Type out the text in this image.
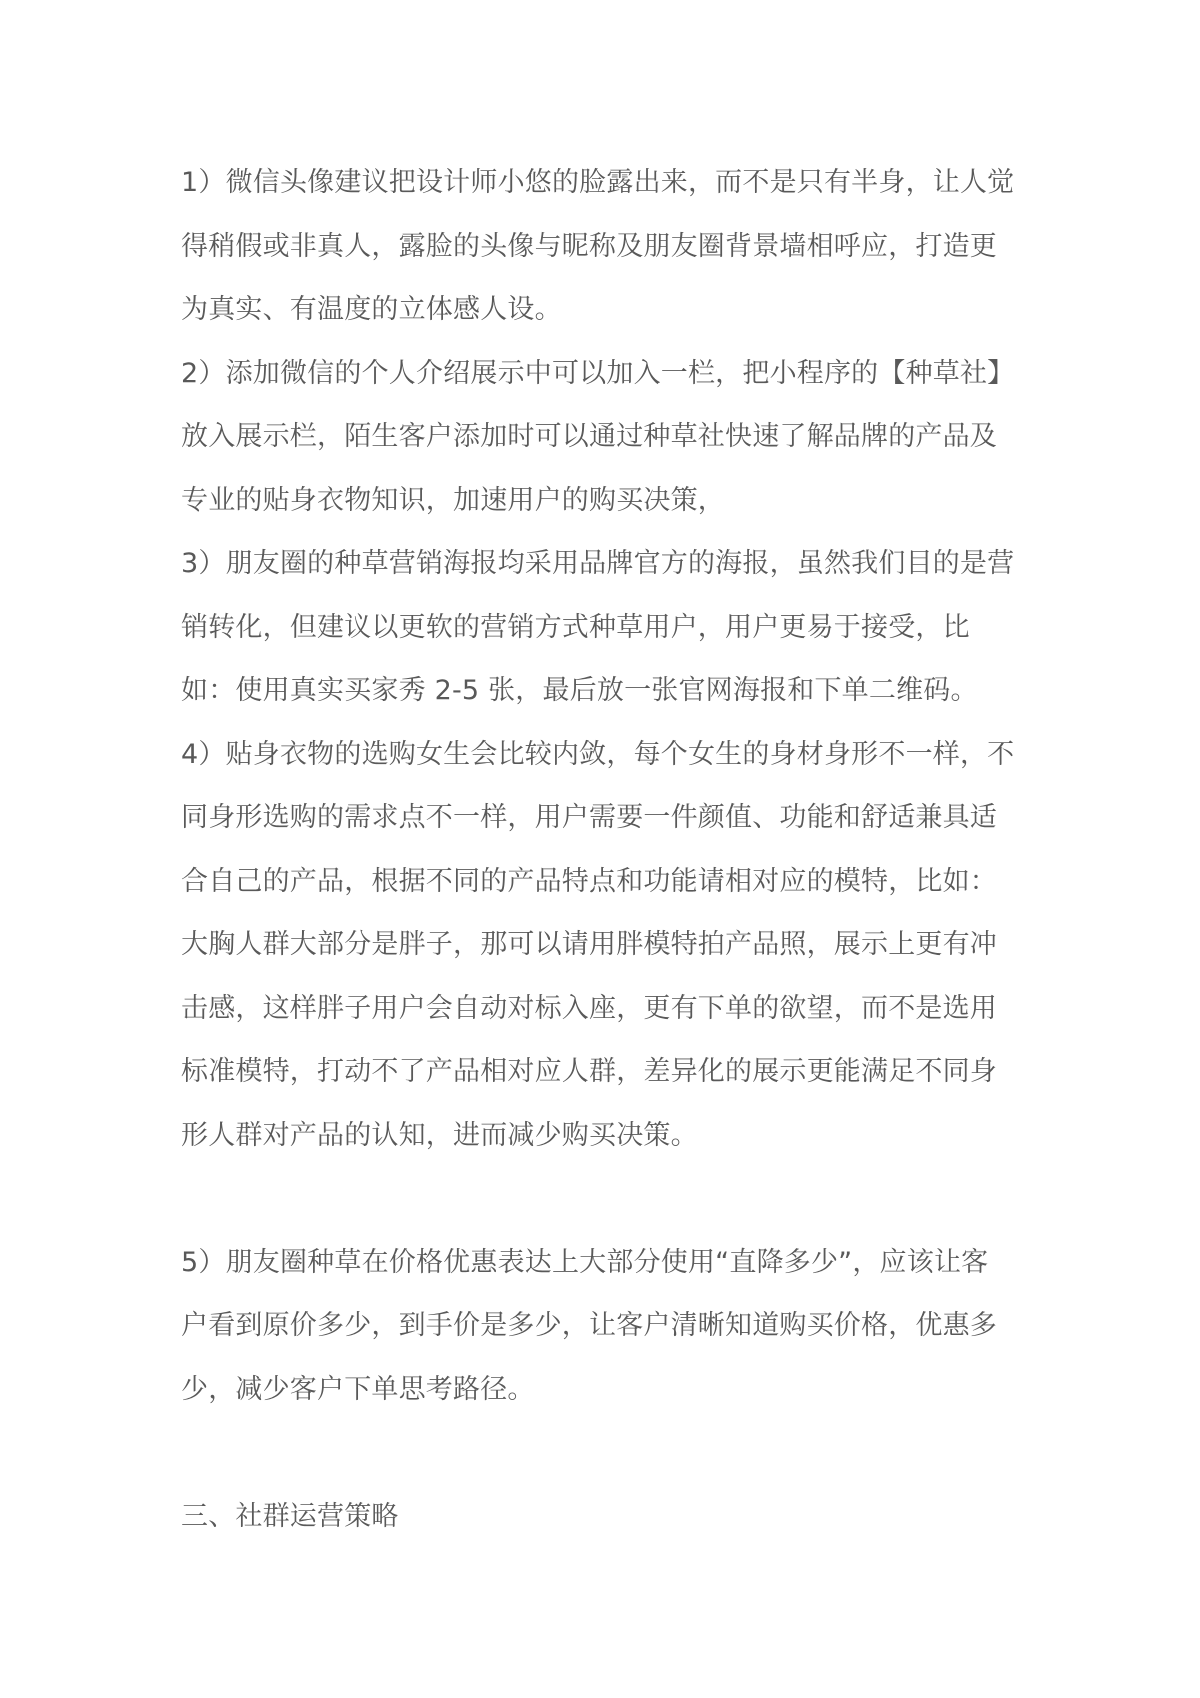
1）微信头像建议把设计师小悠的脸露出来，而不是只有半身，让人觉
得稍假或非真人，露脸的头像与昵称及朋友圈背景墙相呼应，打造更
为真实、有温度的立体感人设。
2）添加微信的个人介绍展示中可以加入一栏，把小程序的【种草社】
放入展示栏，陌生客户添加时可以通过种草社快速了解品牌的产品及
专业的贴身衣物知识，加速用户的购买决策，
3）朋友圈的种草营销海报均采用品牌官方的海报，虽然我们目的是营
销转化，但建议以更软的营销方式种草用户，用户更易于接受，比
如：使用真实买家秀 2-5 张，最后放一张官网海报和下单二维码。
4）贴身衣物的选购女生会比较内敛，每个女生的身材身形不一样，不
同身形选购的需求点不一样，用户需要一件颜值、功能和舒适兼具适
合自己的产品，根据不同的产品特点和功能请相对应的模特，比如：
大胸人群大部分是胖子，那可以请用胖模特拍产品照，展示上更有冲
击感，这样胖子用户会自动对标入座，更有下单的欲望，而不是选用
标准模特，打动不了产品相对应人群，差异化的展示更能满足不同身
形人群对产品的认知，进而减少购买决策。
5）朋友圈种草在价格优惠表达上大部分使用“直降多少”，应该让客
户看到原价多少，到手价是多少，让客户清晰知道购买价格，优惠多
少，减少客户下单思考路径。
三、社群运营策略
